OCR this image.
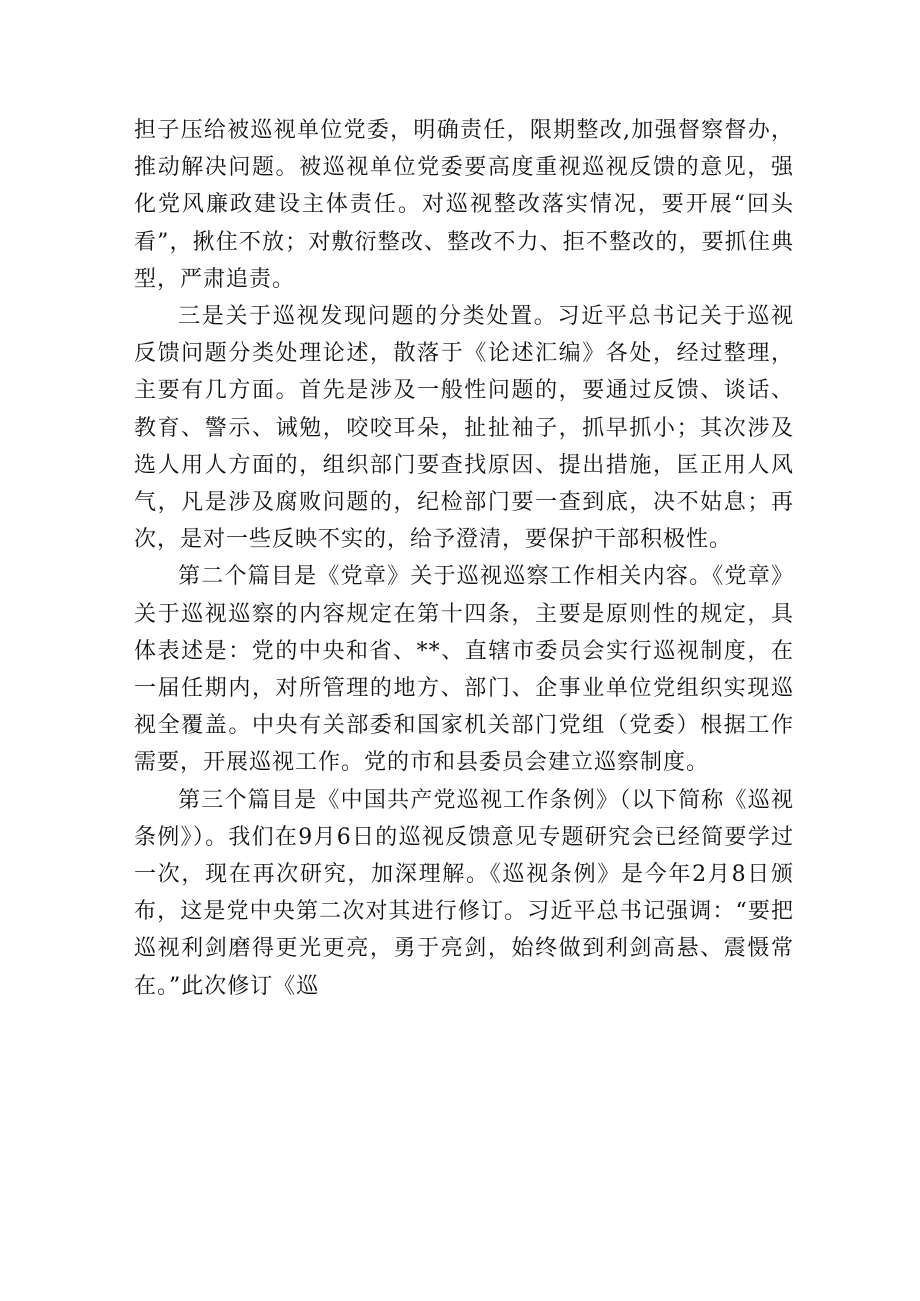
担子压给被巡视单位党委，明确责任，限期整改,加强督察督办，推动解决问题。被巡视单位党委要高度重视巡视反馈的意见，强化党风廉政建设主体责任。对巡视整改落实情况，要开展“回头看”，揪住不放；对敷衍整改、整改不力、拒不整改的，要抓住典型，严肃追责。

三是关于巡视发现问题的分类处置。习近平总书记关于巡视反馈问题分类处理论述，散落于《论述汇编》各处，经过整理，主要有几方面。首先是涉及一般性问题的，要通过反馈、谈话、教育、警示、诫勉，咬咬耳朵，扯扯袖子，抓早抓小；其次涉及选人用人方面的，组织部门要查找原因、提出措施，匡正用人风气，凡是涉及腐败问题的，纪检部门要一查到底，决不姑息；再次，是对一些反映不实的，给予澄清，要保护干部积极性。

第二个篇目是《党章》关于巡视巡察工作相关内容。《党章》关于巡视巡察的内容规定在第十四条，主要是原则性的规定，具体表述是：党的中央和省、**、直辖市委员会实行巡视制度，在一届任期内，对所管理的地方、部门、企事业单位党组织实现巡视全覆盖。中央有关部委和国家机关部门党组（党委）根据工作需要，开展巡视工作。党的市和县委员会建立巡察制度。

第三个篇目是《中国共产党巡视工作条例》（以下简称《巡视条例》）。我们在9月6日的巡视反馈意见专题研究会已经简要学过一次，现在再次研究，加深理解。《巡视条例》是今年2月8日颁布，这是党中央第二次对其进行修订。习近平总书记强调：“要把巡视利剑磨得更光更亮，勇于亮剑，始终做到利剑高悬、震慑常在。”此次修订《巡
